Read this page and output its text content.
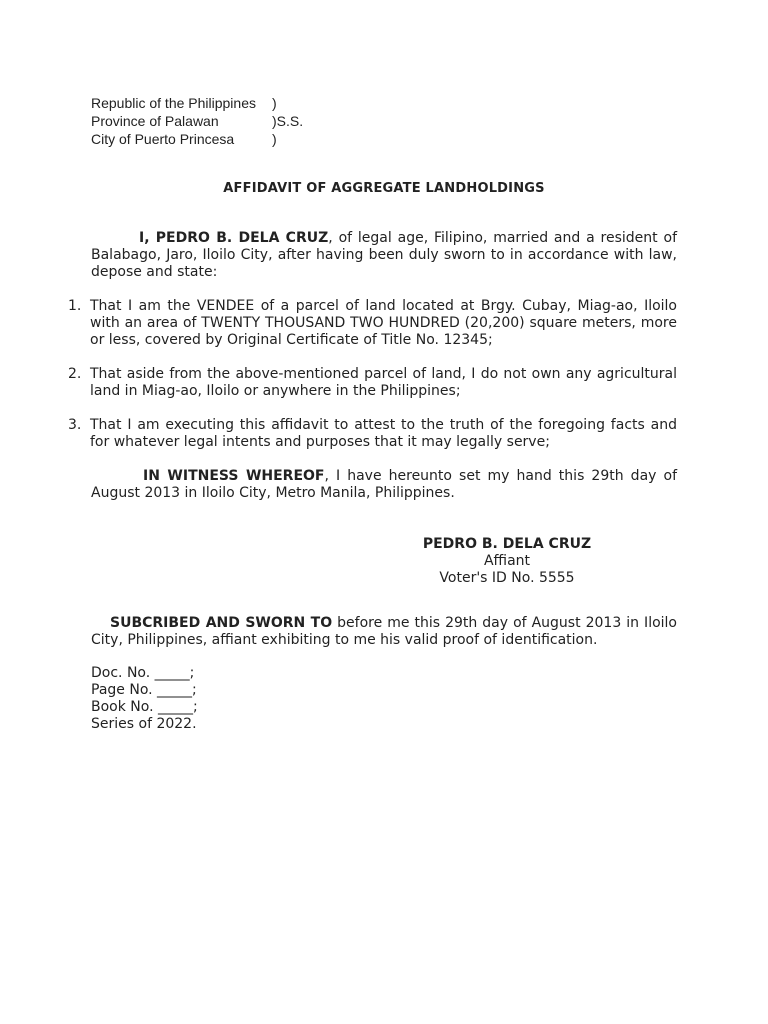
Republic of the Philippines )
Province of Palawan	)S.S.
City of Puerto Princesa	)
AFFIDAVIT OF AGGREGATE LANDHOLDINGS
I, PEDRO B. DELA CRUZ, of legal age, Filipino, married and a resident of Balabago, Jaro, Iloilo City, after having been duly sworn to in accordance with law, depose and state:
1. That I am the VENDEE of a parcel of land located at Brgy. Cubay, Miag-ao, Iloilo with an area of TWENTY THOUSAND TWO HUNDRED (20,200) square meters, more or less, covered by Original Certificate of Title No. 12345;
2. That aside from the above-mentioned parcel of land, I do not own any agricultural land in Miag-ao, Iloilo or anywhere in the Philippines;
3. That I am executing this affidavit to attest to the truth of the foregoing facts and for whatever legal intents and purposes that it may legally serve;
IN WITNESS WHEREOF, I have hereunto set my hand this 29th day of August 2013 in Iloilo City, Metro Manila, Philippines.
PEDRO B. DELA CRUZ
Affiant
Voter's ID No. 5555
SUBCRIBED AND SWORN TO before me this 29th day of August 2013 in Iloilo City, Philippines, affiant exhibiting to me his valid proof of identification.
Doc. No. _____;
Page No. _____;
Book No. _____;
Series of 2022.
